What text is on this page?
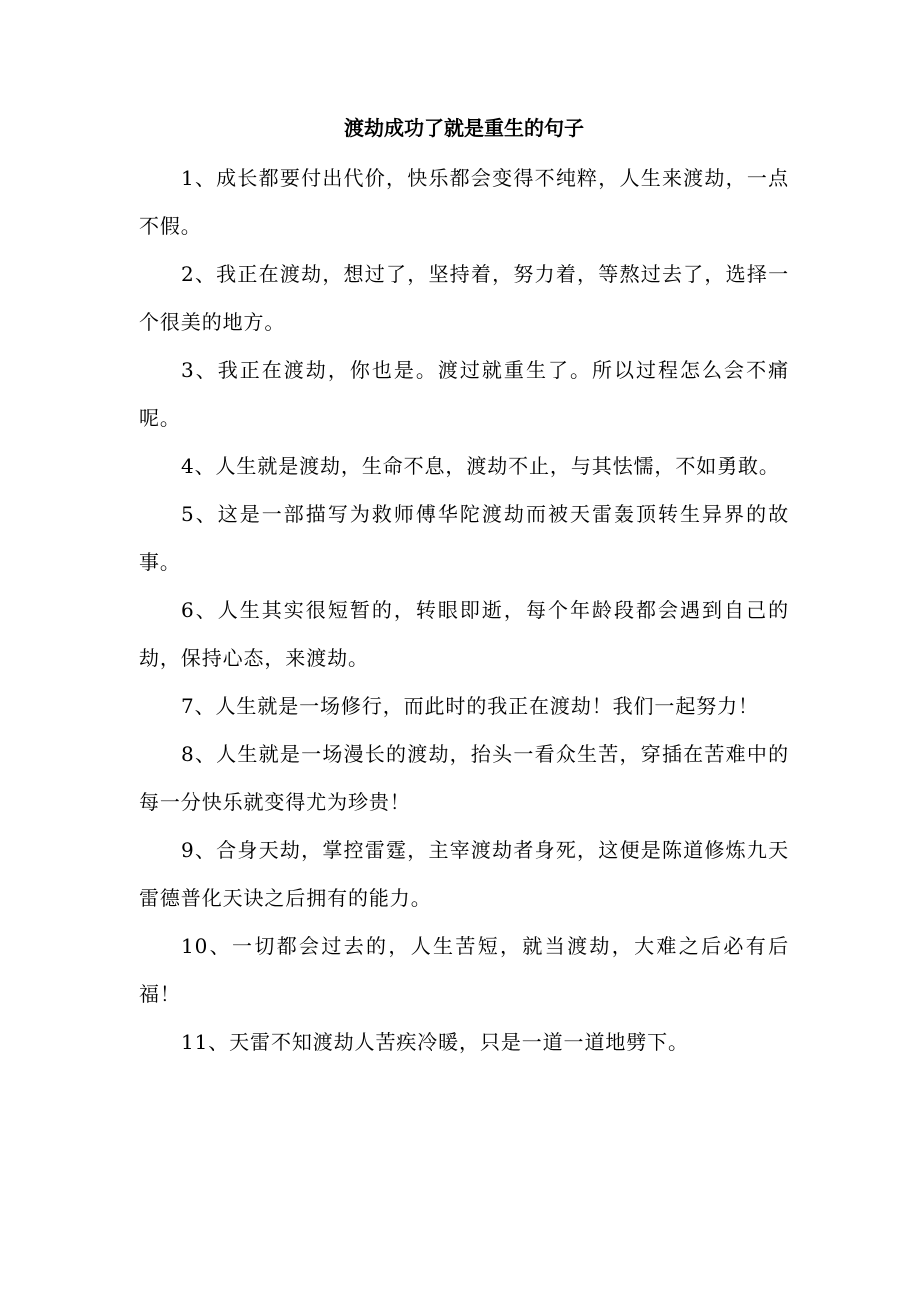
渡劫成功了就是重生的句子

1、成长都要付出代价，快乐都会变得不纯粹，人生来渡劫，一点不假。

2、我正在渡劫，想过了，坚持着，努力着，等熬过去了，选择一个很美的地方。

3、我正在渡劫，你也是。渡过就重生了。所以过程怎么会不痛呢。

4、人生就是渡劫，生命不息，渡劫不止，与其怯懦，不如勇敢。

5、这是一部描写为救师傅华陀渡劫而被天雷轰顶转生异界的故事。

6、人生其实很短暂的，转眼即逝，每个年龄段都会遇到自己的劫，保持心态，来渡劫。

7、人生就是一场修行，而此时的我正在渡劫！我们一起努力！

8、人生就是一场漫长的渡劫，抬头一看众生苦，穿插在苦难中的每一分快乐就变得尤为珍贵！

9、合身天劫，掌控雷霆，主宰渡劫者身死，这便是陈道修炼九天雷德普化天诀之后拥有的能力。

10、一切都会过去的，人生苦短，就当渡劫，大难之后必有后福！

11、天雷不知渡劫人苦疾冷暖，只是一道一道地劈下。
